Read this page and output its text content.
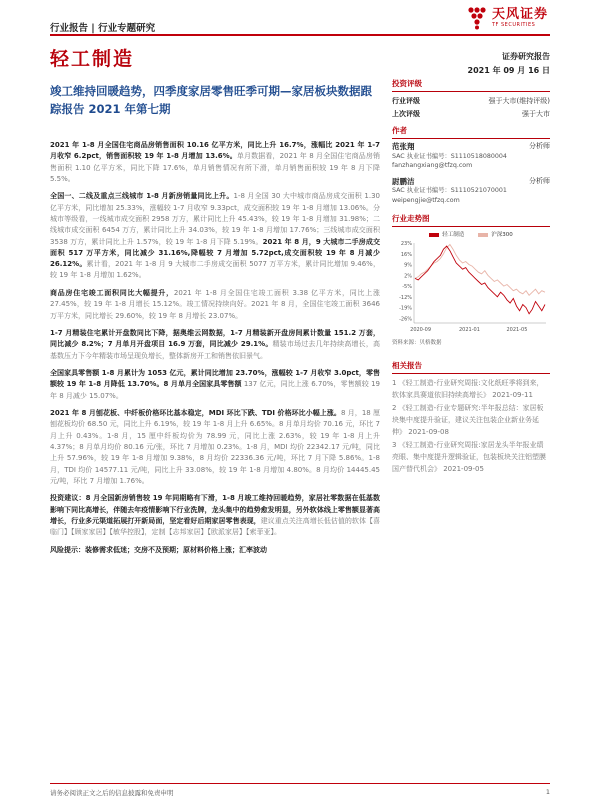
行业报告 | 行业专题研究
天风证券
TF SECURITIES
轻工制造	证券研究报告
2021 年 09 月 16 日
竣工维持回暖趋势，四季度家居零售旺季可期—家居板块数据跟踪报告 2021 年第七期
2021 年 1-8 月全国住宅商品房销售面积 10.16 亿平方米，同比上升 16.7%，涨幅比 2021 年 1-7 月收窄 6.2pct，销售面积较 19 年 1-8 月增加 13.6%。单月数据看，2021 年 8 月全国住宅商品房销售面积 1.10 亿平方米，同比下降 17.6%，单月销售情况有所下滑，单月销售面积较 19 年 8 月下降 5.5%。
全国一、二线及重点三线城市 1-8 月新房销量同比上升。1-8 月全国 30 大中城市商品房成交面积 1.30 亿平方米，同比增加 25.33%，涨幅较 1-7 月收窄 9.33pct，成交面积较 19 年 1-8 月增加 13.06%。分城市等级看，一线城市成交面积 2958 万方，累计同比上升 45.43%，较 19 年 1-8 月增加 31.98%；二线城市成交面积 6454 万方，累计同比上升 34.03%，较 19 年 1-8 月增加 17.76%；三线城市成交面积 3538 万方，累计同比上升 1.57%，较 19 年 1-8 月下降 5.19%。2021 年 8 月，9 大城市二手房成交面积 517 万平方米，同比减少 31.16%,降幅较 7 月增加 5.72pct,成交面积较 19 年 8 月减少 26.12%。累计看，2021 年 1-8 月 9 大城市二手房成交面积 5077 万平方米，累计同比增加 9.46%，较 19 年 1-8 月增加 1.62%。
商品房住宅竣工面积同比大幅提升，2021 年 1-8 月全国住宅竣工面积 3.38 亿平方米，同比上涨 27.45%，较 19 年 1-8 月增长 15.12%。竣工情况持续向好。2021 年 8 月，全国住宅竣工面积 3646 万平方米，同比增长 29.60%，较 19 年 8 月增长 23.07%。
1-7 月精装住宅累计开盘数同比下降，据奥维云网数据，1-7 月精装新开盘房间累计数量 151.2 万套，同比减少 8.2%；7 月单月开盘项目 16.9 万套，同比减少 29.1%。精装市场过去几年持续高增长，高基数压力下今年精装市场呈现负增长，整体新房开工和销售依旧景气。
全国家具零售额 1-8 月累计为 1053 亿元，累计同比增加 23.70%，涨幅较 1-7 月收窄 3.0pct，零售额较 19 年 1-8 月降低 13.70%。8 月单月全国家具零售额 137 亿元，同比上涨 6.70%，零售额较 19 年 8 月减少 15.07%。
2021 年 8 月刨花板、中纤板价格环比基本稳定，MDI 环比下跌、TDI 价格环比小幅上涨。8 月，18 厘刨花板均价 68.50 元，同比上升 6.19%，较 19 年 1-8 月上升 6.65%。8 月单月均价 70.16 元，环比 7 月上升 0.43%。1-8 月，15 厘中纤板均价为 78.99 元，同比上涨 2.63%，较 19 年 1-8 月上升 4.37%；8 月单月均价 80.16 元/张，环比 7 月增加 0.23%。1-8 月，MDI 均价 22342.17 元/吨，同比上升 57.96%，较 19 年 1-8 月增加 9.38%，8 月均价 22336.36 元/吨，环比 7 月下降 5.86%。1-8 月，TDI 均价 14577.11 元/吨，同比上升 33.08%，较 19 年 1-8 月增加 4.80%。8 月均价 14445.45 元/吨，环比 7 月增加 1.76%。
投资建议：8 月全国新房销售较 19 年同期略有下滑，1-8 月竣工维持回暖趋势，家居社零数据在低基数影响下同比高增长，伴随去年疫情影响下行业洗牌，龙头集中的趋势愈发明显，另外软体线上零售额显著高增长，行业多元渠道拓展打开新局面，坚定看好后期家居零售表现，建议重点关注高增长低估值的软体【喜临门】【顾家家居】【敏华控股】，定制【志邦家居】【欧派家居】【索菲亚】。
风险提示：装修需求低迷；交房不及预期；原材料价格上涨；汇率波动
投资评级
行业评级	强于大市(维持评级)
上次评级	强于大市
作者
范张翔	分析师
SAC 执业证书编号：S1110518080004
fanzhangxiang@tfzq.com
尉鹏洁	分析师
SAC 执业证书编号：S1110521070001
weipengjie@tfzq.com
行业走势图
轻工制造	沪深300
23%
16%
9%
2%
-5%
-12%
-19%
-26%
2020-09	2021-01	2021-05
资料来源：贝格数据
相关报告
1 《轻工制造-行业研究周报:文化纸旺季将到来，软体家具赛道依旧持续高增长》 2021-09-11
2 《轻工制造-行业专题研究:半年报总结：家居板块集中度提升验证，建议关注包装企业新业务延伸》 2021-09-08
3 《轻工制造-行业研究周报:家居龙头半年报业绩亮眼、集中度提升逻辑验证，包装板块关注铝塑膜国产替代机会》 2021-09-05
请务必阅读正文之后的信息披露和免责申明	1
